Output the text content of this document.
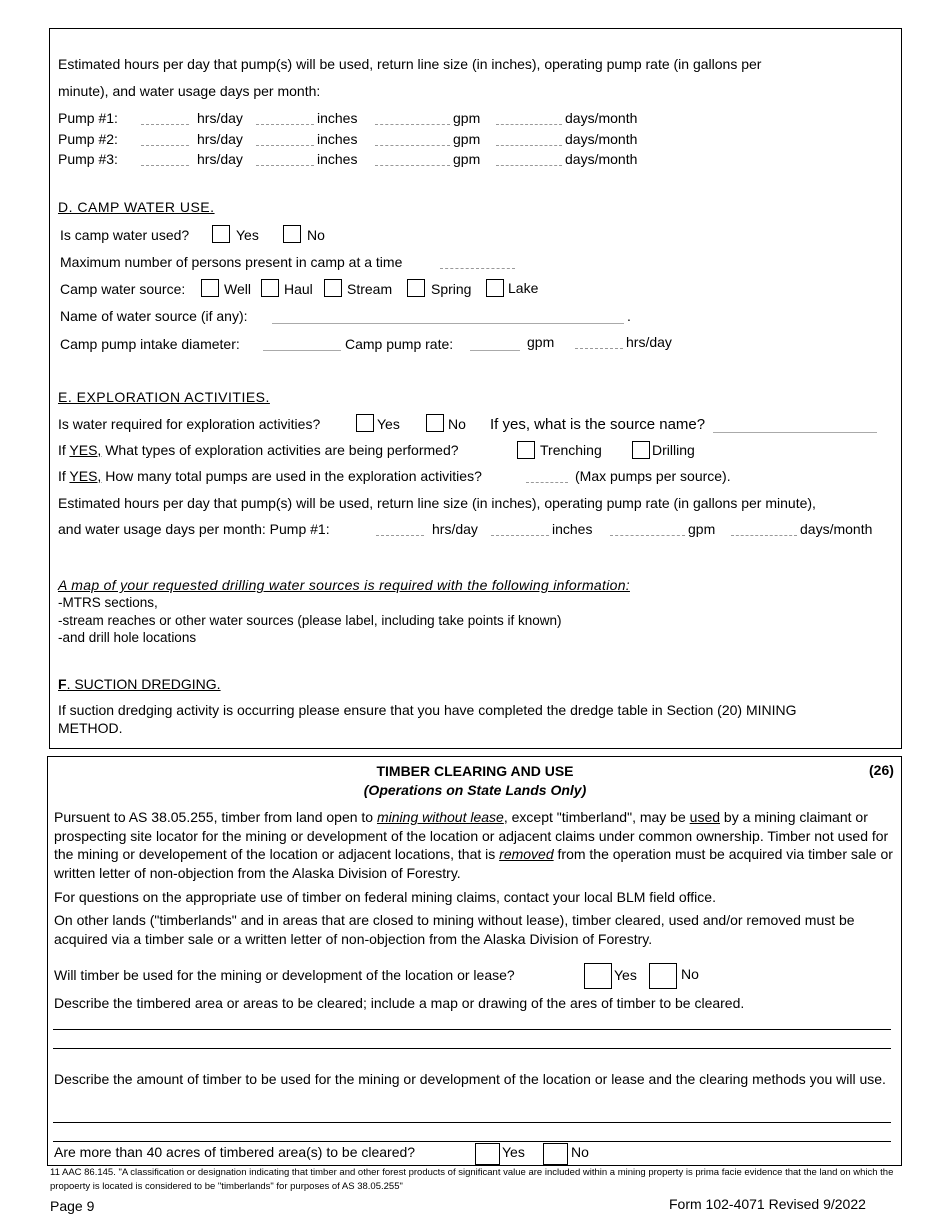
Estimated hours per day that pump(s) will be used, return line size (in inches), operating pump rate (in gallons per
minute), and water usage days per month:
Pump #1:	hrs/day	inches	gpm	days/month
Pump #2:	hrs/day	inches	gpm	days/month
Pump #3:	hrs/day	inches	gpm	days/month
D. CAMP WATER USE.
Is camp water used?	Yes	No
Maximum number of persons present in camp at a time
Camp water source:	Well Haul Stream	Spring	Lake
Name of water source (if any):	.
Camp pump intake diameter:	Camp pump rate:	gpm	hrs/day
E. EXPLORATION ACTIVITIES.
Is water required for exploration activities?	Yes	No If yes, what is the source name?
If YES, What types of exploration activities are being performed?	Trenching	Drilling
If YES, How many total pumps are used in the exploration activities?	(Max pumps per source).
Estimated hours per day that pump(s) will be used, return line size (in inches), operating pump rate (in gallons per minute),
and water usage days per month: Pump #1:	hrs/day	inches	gpm	days/month
A map of your requested drilling water sources is required with the following information:
-MTRS sections,
-stream reaches or other water sources (please label, including take points if known)
-and drill hole locations
F. SUCTION DREDGING.
If suction dredging activity is occurring please ensure that you have completed the dredge table in Section (20) MINING
METHOD.
TIMBER CLEARING AND USE
(Operations on State Lands Only)
(26)
Pursuent to AS 38.05.255, timber from land open to mining without lease, except "timberland", may be used by a mining claimant or prospecting site locator for the mining or development of the location or adjacent claims under common ownership. Timber not used for the mining or developement of the location or adjacent locations, that is removed from the operation must be acquired via timber sale or written letter of non-objection from the Alaska Division of Forestry.
For questions on the appropriate use of timber on federal mining claims, contact your local BLM field office.
On other lands ("timberlands" and in areas that are closed to mining without lease), timber cleared, used and/or removed must be acquired via a timber sale or a written letter of non-objection from the Alaska Division of Forestry.
Will timber be used for the mining or development of the location or lease?	Yes	No
Describe the timbered area or areas to be cleared; include a map or drawing of the ares of timber to be cleared.
Describe the amount of timber to be used for the mining or development of the location or lease and the clearing methods you will use.
Are more than 40 acres of timbered area(s) to be cleared?	Yes	No
11 AAC 86.145. "A classification or designation indicating that timber and other forest products of significant value are included within a mining property is prima facie evidence that the land on which the propoerty is located is considered to be "timberlands" for purposes of AS 38.05.255"
Page 9	Form 102-4071 Revised 9/2022
